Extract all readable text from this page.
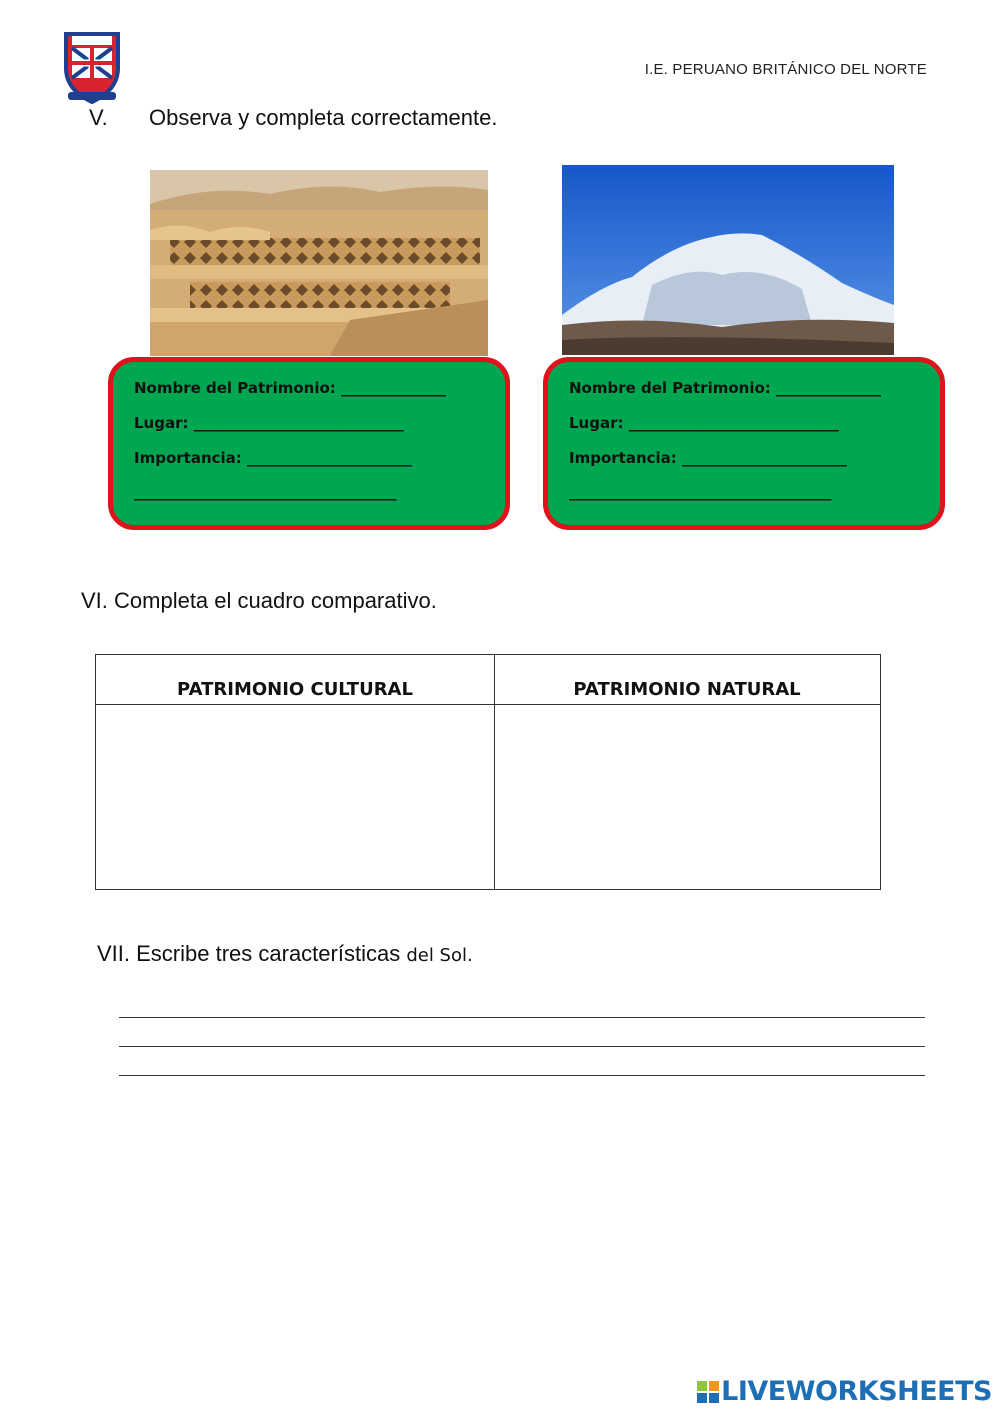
I.E. PERUANO BRITÁNICO DEL NORTE
V. Observa y completa correctamente.
Nombre del Patrimonio: ______________
Lugar: ____________________________
Importancia: ______________________
___________________________________
Nombre del Patrimonio: ______________
Lugar: ____________________________
Importancia: ______________________
___________________________________
VI. Completa el cuadro comparativo.
PATRIMONIO CULTURAL	PATRIMONIO NATURAL
VII. Escribe tres características del Sol.
LIVEWORKSHEETS
